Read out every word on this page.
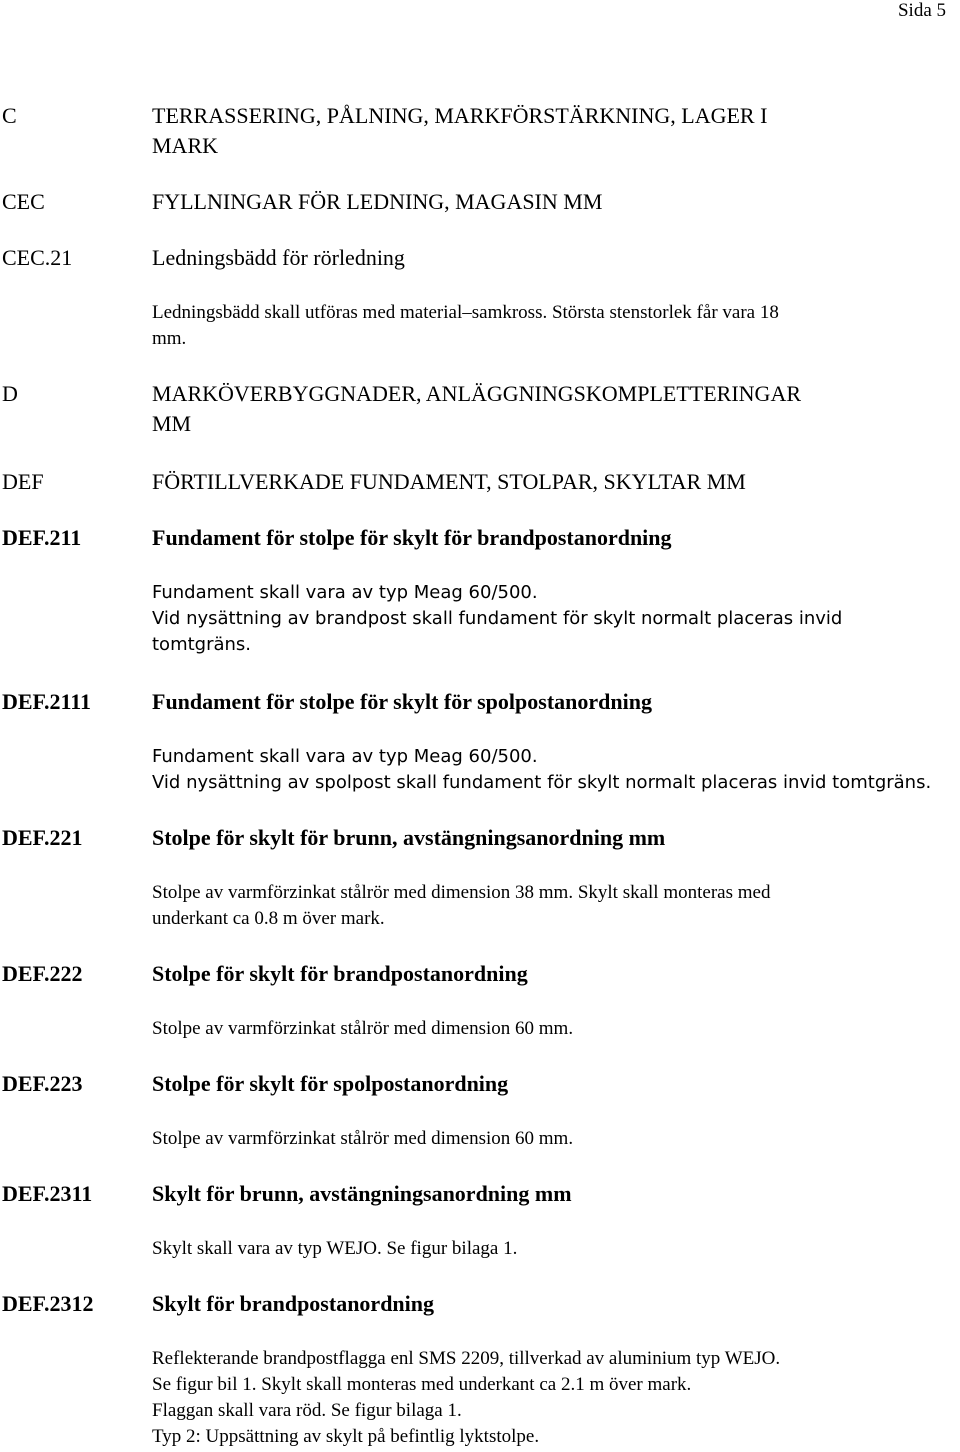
Sida 5
C	TERRASSERING, PÅLNING, MARKFÖRSTÄRKNING, LAGER I
MARK
CEC	FYLLNINGAR FÖR LEDNING, MAGASIN MM
CEC.21	Ledningsbädd för rörledning
Ledningsbädd skall utföras med material–samkross. Största stenstorlek får vara 18
mm.
D	MARKÖVERBYGGNADER, ANLÄGGNINGSKOMPLETTERINGAR
MM
DEF	FÖRTILLVERKADE FUNDAMENT, STOLPAR, SKYLTAR MM
DEF.211	Fundament för stolpe för skylt för brandpostanordning
Fundament skall vara av typ Meag 60/500.
Vid nysättning av brandpost skall fundament för skylt normalt placeras invid
tomtgräns.
DEF.2111	Fundament för stolpe för skylt för spolpostanordning
Fundament skall vara av typ Meag 60/500.
Vid nysättning av spolpost skall fundament för skylt normalt placeras invid tomtgräns.
DEF.221	Stolpe för skylt för brunn, avstängningsanordning mm
Stolpe av varmförzinkat stålrör med dimension 38 mm. Skylt skall monteras med
underkant ca 0.8 m över mark.
DEF.222	Stolpe för skylt för brandpostanordning
Stolpe av varmförzinkat stålrör med dimension 60 mm.
DEF.223	Stolpe för skylt för spolpostanordning
Stolpe av varmförzinkat stålrör med dimension 60 mm.
DEF.2311	Skylt för brunn, avstängningsanordning mm
Skylt skall vara av typ WEJO. Se figur bilaga 1.
DEF.2312	Skylt för brandpostanordning
Reflekterande brandpostflagga enl SMS 2209, tillverkad av aluminium typ WEJO.
Se figur bil 1. Skylt skall monteras med underkant ca 2.1 m över mark.
Flaggan skall vara röd. Se figur bilaga 1.
Typ 2: Uppsättning av skylt på befintlig lyktstolpe.
